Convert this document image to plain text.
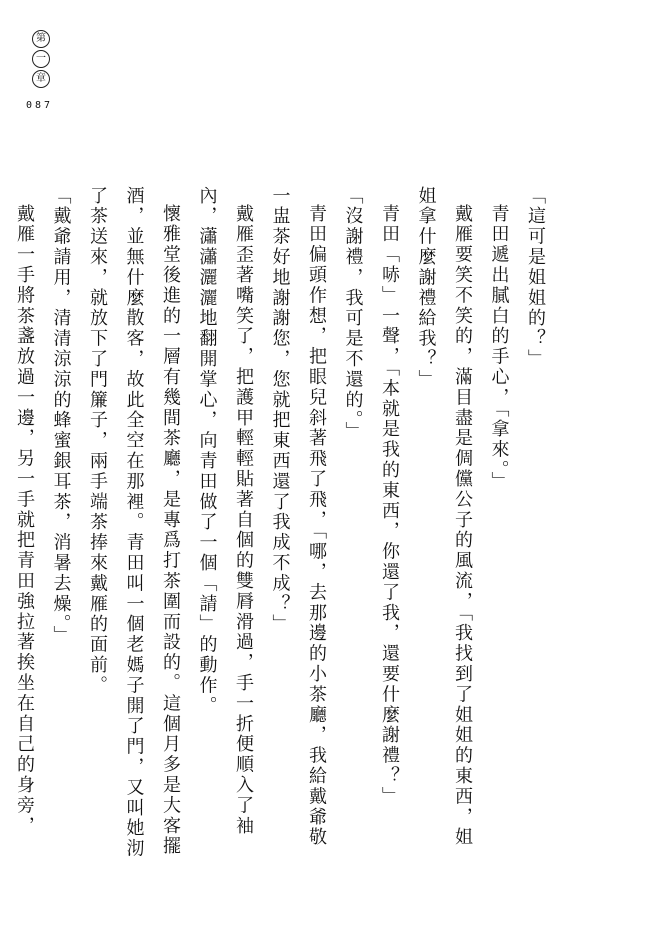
第
一
章
087

「這可是姐姐的？」

青田遞出膩白的手心，「拿來。」

戴雁要笑不笑的，滿目盡是倜儻公子的風流，「我找到了姐姐的東西，姐姐拿什麼謝禮給我？」

青田「哧」一聲，「本就是我的東西，你還了我，還要什麼謝禮？」

「沒謝禮，我可是不還的。」

青田偏頭作想，把眼兒斜著飛了飛，「哪，去那邊的小茶廳，我給戴爺敬一盅茶好地謝謝您，您就把東西還了我成不成？」

戴雁歪著嘴笑了，把護甲輕輕貼著自個的雙脣滑過，手一折便順入了袖內，瀟瀟灑灑地翻開掌心，向青田做了一個「請」的動作。

懷雅堂後進的一層有幾間茶廳，是專爲打茶圍而設的。這個月多是大客擺酒，並無什麼散客，故此全空在那裡。青田叫一個老媽子開了門，又叫她沏了茶送來，就放下了門簾子，兩手端茶捧來戴雁的面前。

「戴爺請用，清清涼涼的蜂蜜銀耳茶，消暑去燥。」

戴雁一手將茶盞放過一邊，另一手就把青田強拉著挨坐在自己的身旁，
